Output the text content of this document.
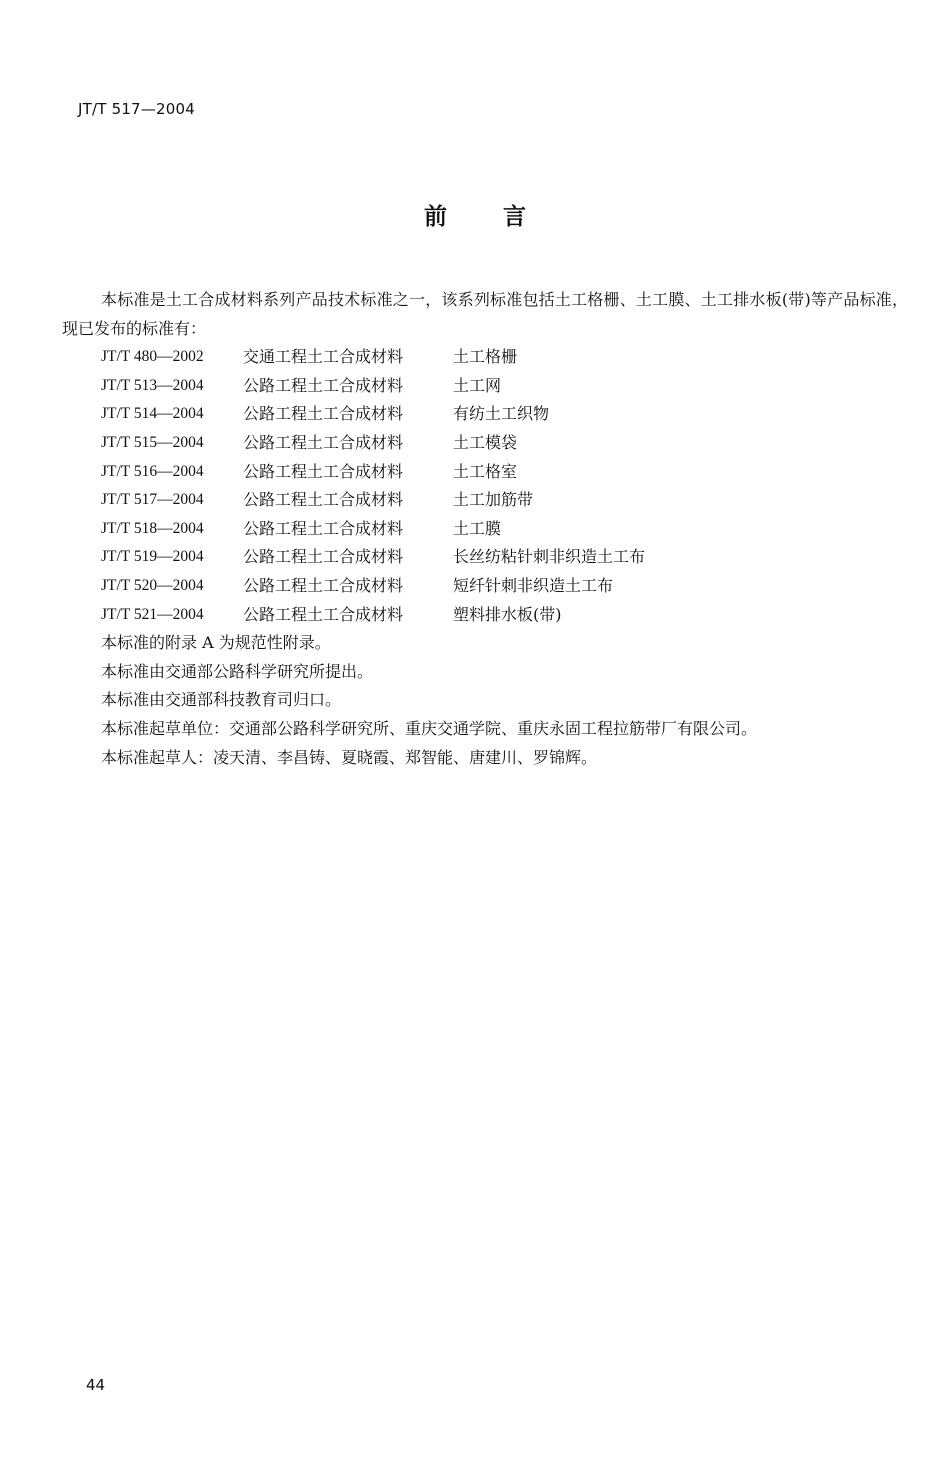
JT/T 517—2004
前言

本标准是土工合成材料系列产品技术标准之一，该系列标准包括土工格栅、土工膜、土工排水板(带)等产品标准，现已发布的标准有：

JT/T 480—2002	交通工程土工合成材料	土工格栅
JT/T 513—2004	公路工程土工合成材料	土工网
JT/T 514—2004	公路工程土工合成材料	有纺土工织物
JT/T 515—2004	公路工程土工合成材料	土工模袋
JT/T 516—2004	公路工程土工合成材料	土工格室
JT/T 517—2004	公路工程土工合成材料	土工加筋带
JT/T 518—2004	公路工程土工合成材料	土工膜
JT/T 519—2004	公路工程土工合成材料	长丝纺粘针刺非织造土工布
JT/T 520—2004	公路工程土工合成材料	短纤针刺非织造土工布
JT/T 521—2004	公路工程土工合成材料	塑料排水板(带)

本标准的附录 A 为规范性附录。

本标准由交通部公路科学研究所提出。

本标准由交通部科技教育司归口。

本标准起草单位：交通部公路科学研究所、重庆交通学院、重庆永固工程拉筋带厂有限公司。

本标准起草人：凌天清、李昌铸、夏晓霞、郑智能、唐建川、罗锦辉。

44
